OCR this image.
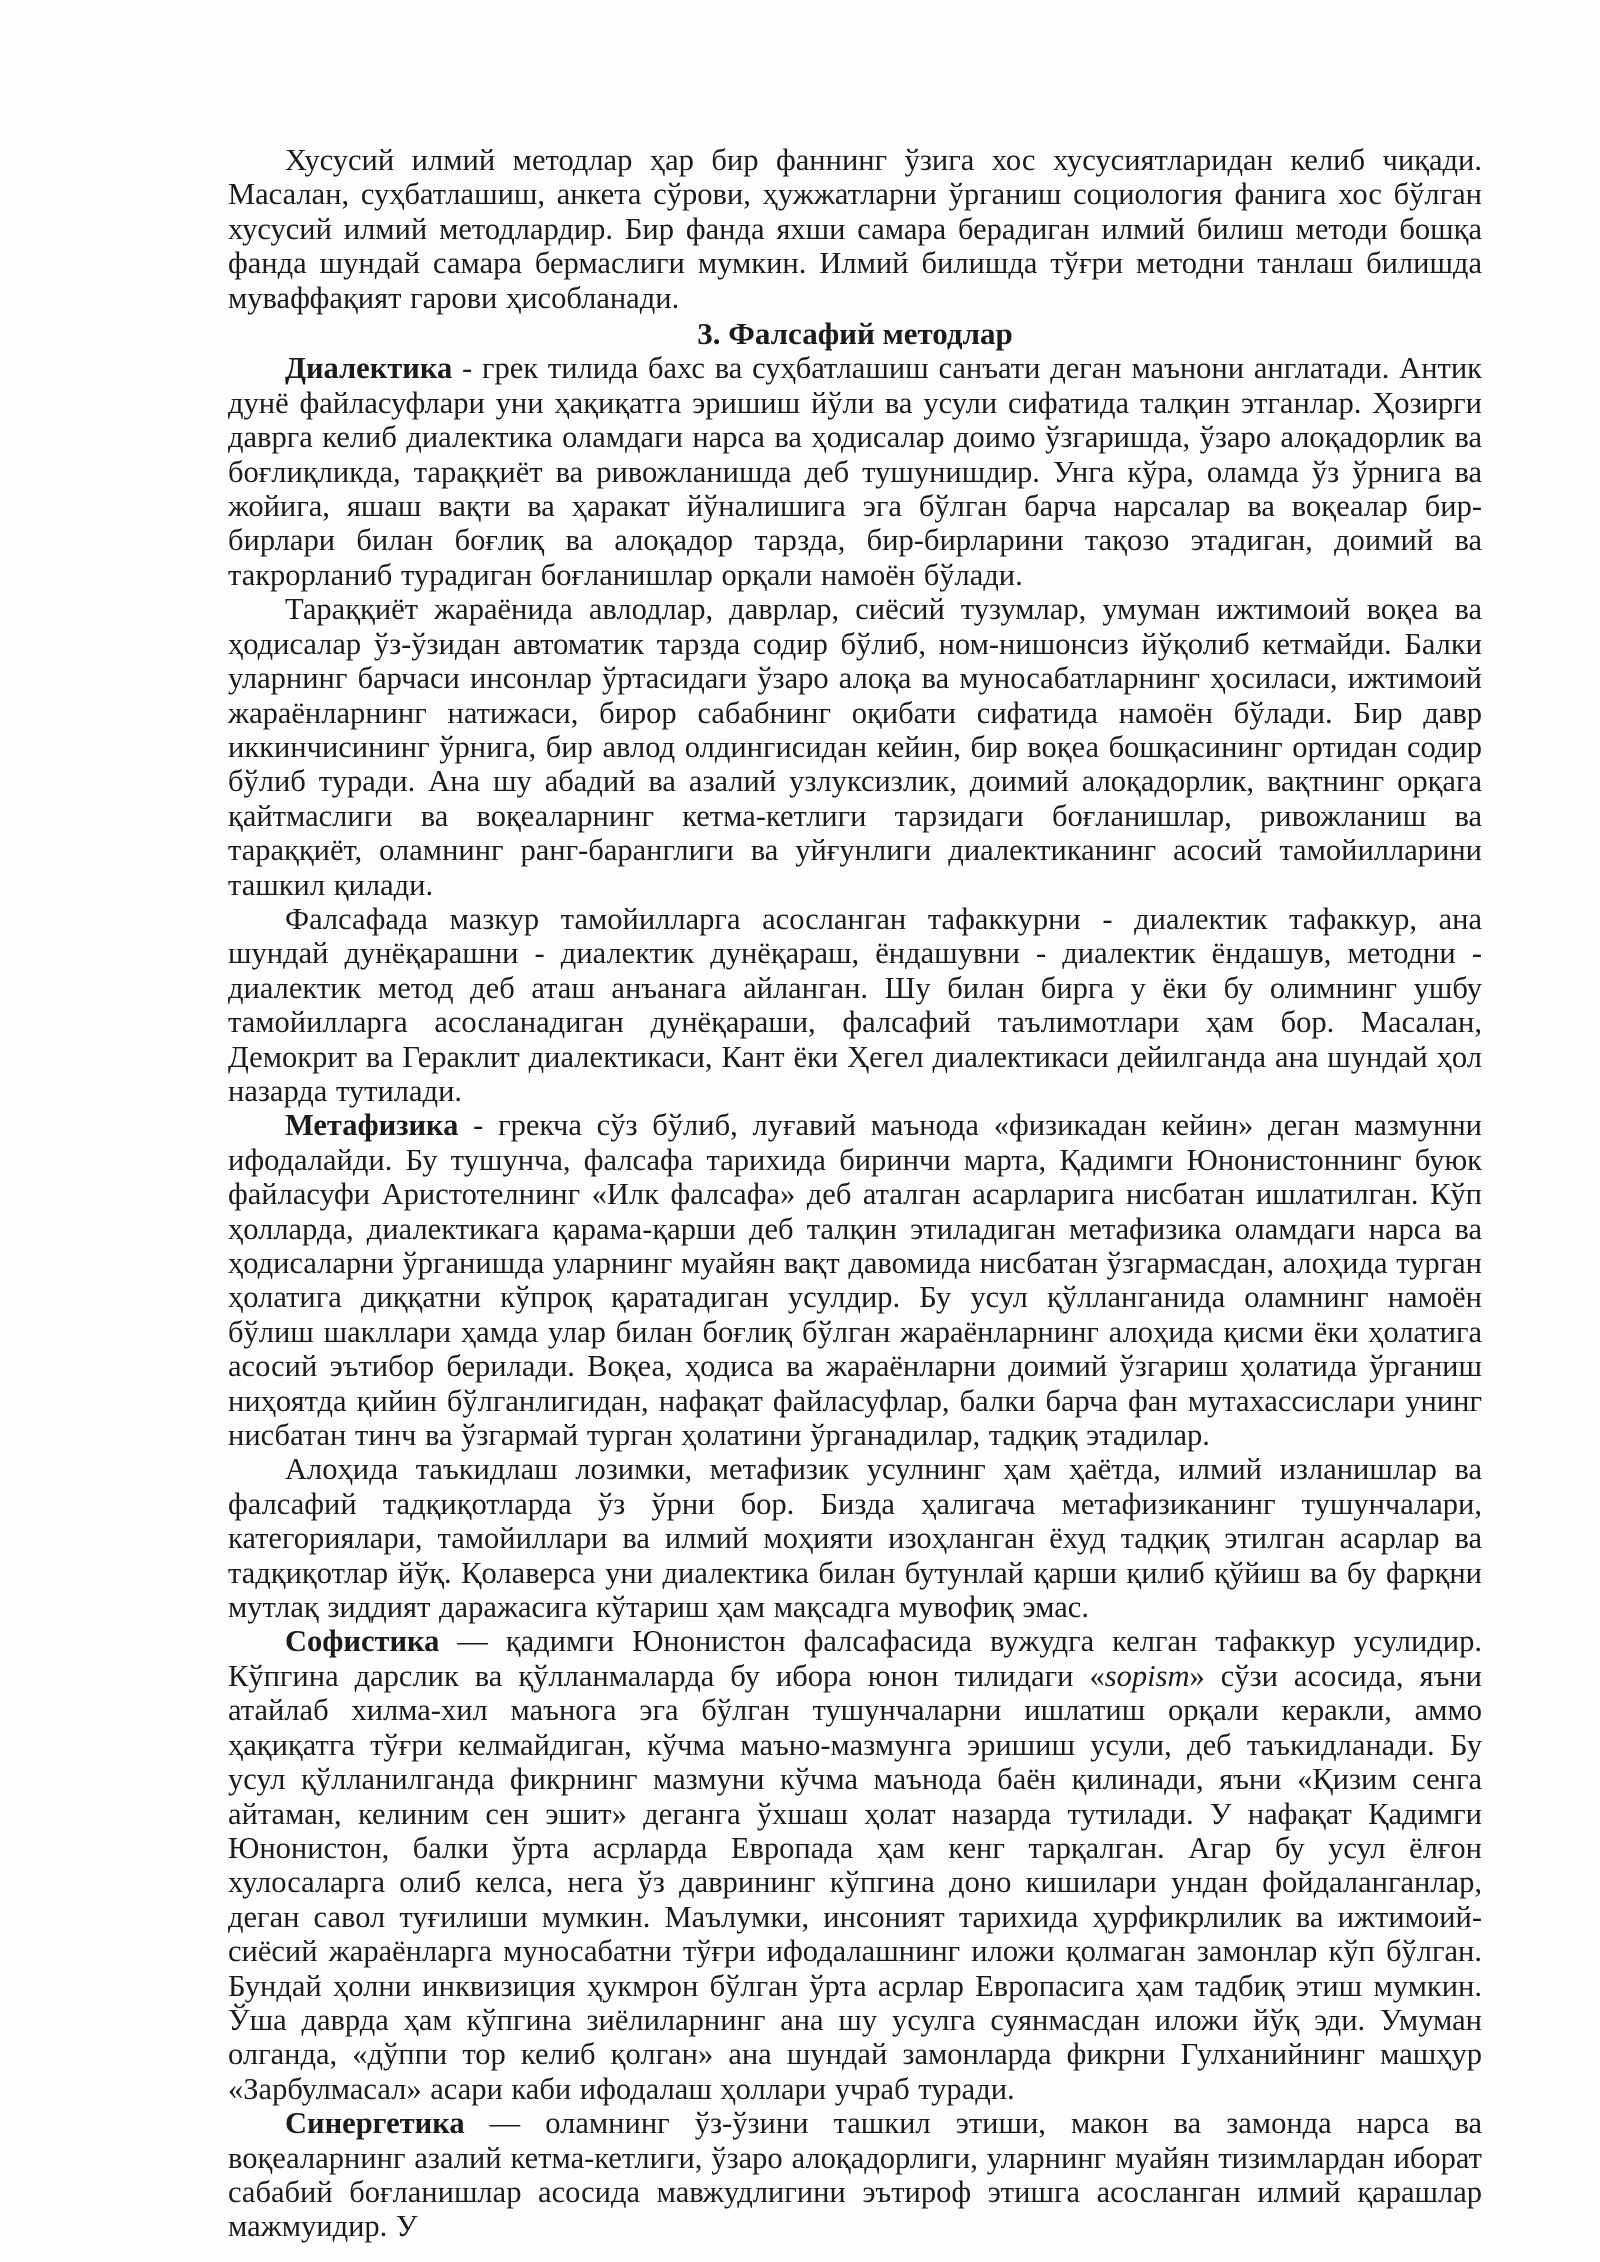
Хусусий илмий методлар ҳар бир фаннинг ўзига хос хусусиятларидан келиб чиқади. Масалан, суҳбатлашиш, анкета сўрови, ҳужжатларни ўрганиш социология фанига хос бўлган хусусий илмий методлардир. Бир фанда яхши самара берадиган илмий билиш методи бошқа фанда шундай самара бермаслиги мумкин. Илмий билишда тўғри методни танлаш билишда муваффақият гарови ҳисобланади.

3. Фалсафий методлар

Диалектика - грек тилида бахс ва суҳбатлашиш санъати деган маънони англатади. Антик дунё файласуфлари уни ҳақиқатга эришиш йўли ва усули сифатида талқин этганлар. Ҳозирги даврга келиб диалектика оламдаги нарса ва ҳодисалар доимо ўзгаришда, ўзаро алоқадорлик ва боғлиқликда, тараққиёт ва ривожланишда деб тушунишдир. Унга кўра, оламда ўз ўрнига ва жойига, яшаш вақти ва ҳаракат йўналишига эга бўлган барча нарсалар ва воқеалар бир-бирлари билан боғлиқ ва алоқадор тарзда, бир-бирларини тақозо этадиган, доимий ва такрорланиб турадиган боғланишлар орқали намоён бўлади.

Тараққиёт жараёнида авлодлар, даврлар, сиёсий тузумлар, умуман ижтимоий воқеа ва ҳодисалар ўз-ўзидан автоматик тарзда содир бўлиб, ном-нишонсиз йўқолиб кетмайди. Балки уларнинг барчаси инсонлар ўртасидаги ўзаро алоқа ва муносабатларнинг ҳосиласи, ижтимоий жараёнларнинг натижаси, бирор сабабнинг оқибати сифатида намоён бўлади. Бир давр иккинчисининг ўрнига, бир авлод олдингисидан кейин, бир воқеа бошқасининг ортидан содир бўлиб туради. Ана шу абадий ва азалий узлуксизлик, доимий алоқадорлик, вақтнинг орқага қайтмаслиги ва воқеаларнинг кетма-кетлиги тарзидаги боғланишлар, ривожланиш ва тараққиёт, оламнинг ранг-баранглиги ва уйғунлиги диалектиканинг асосий тамойилларини ташкил қилади.

Фалсафада мазкур тамойилларга асосланган тафаккурни - диалектик тафаккур, ана шундай дунёқарашни - диалектик дунёқараш, ёндашувни - диалектик ёндашув, методни - диалектик метод деб аташ анъанага айланган. Шу билан бирга у ёки бу олимнинг ушбу тамойилларга асосланадиган дунёқараши, фалсафий таълимотлари ҳам бор. Масалан, Демокрит ва Гераклит диалектикаси, Кант ёки Ҳегел диалектикаси дейилганда ана шундай ҳол назарда тутилади.

Метафизика - грекча сўз бўлиб, луғавий маънода «физикадан кейин» деган мазмунни ифодалайди. Бу тушунча, фалсафа тарихида биринчи марта, Қадимги Юнонистоннинг буюк файласуфи Аристотелнинг «Илк фалсафа» деб аталган асарларига нисбатан ишлатилган. Кўп ҳолларда, диалектикага қарама-қарши деб талқин этиладиган метафизика оламдаги нарса ва ҳодисаларни ўрганишда уларнинг муайян вақт давомида нисбатан ўзгармасдан, алоҳида турган ҳолатига диққатни кўпроқ қаратадиган усулдир. Бу усул қўлланганида оламнинг намоён бўлиш шакллари ҳамда улар билан боғлиқ бўлган жараёнларнинг алоҳида қисми ёки ҳолатига асосий эътибор берилади. Воқеа, ҳодиса ва жараёнларни доимий ўзгариш ҳолатида ўрганиш ниҳоятда қийин бўлганлигидан, нафақат файласуфлар, балки барча фан мутахассислари унинг нисбатан тинч ва ўзгармай турган ҳолатини ўрганадилар, тадқиқ этадилар.

Алоҳида таъкидлаш лозимки, метафизик усулнинг ҳам ҳаётда, илмий изланишлар ва фалсафий тадқиқотларда ўз ўрни бор. Бизда ҳалигача метафизиканинг тушунчалари, категориялари, тамойиллари ва илмий моҳияти изоҳланган ёхуд тадқиқ этилган асарлар ва тадқиқотлар йўқ. Қолаверса уни диалектика билан бутунлай қарши қилиб қўйиш ва бу фарқни мутлақ зиддият даражасига кўтариш ҳам мақсадга мувофиқ эмас.

Софистика — қадимги Юнонистон фалсафасида вужудга келган тафаккур усулидир. Кўпгина дарслик ва қўлланмаларда бу ибора юнон тилидаги «sopism» сўзи асосида, яъни атайлаб хилма-хил маънога эга бўлган тушунчаларни ишлатиш орқали керакли, аммо ҳақиқатга тўғри келмайдиган, кўчма маъно-мазмунга эришиш усули, деб таъкидланади. Бу усул қўлланилганда фикрнинг мазмуни кўчма маънода баён қилинади, яъни «Қизим сенга айтаман, келиним сен эшит» деганга ўхшаш ҳолат назарда тутилади. У нафақат Қадимги Юнонистон, балки ўрта асрларда Европада ҳам кенг тарқалган. Агар бу усул ёлғон хулосаларга олиб келса, нега ўз даврининг кўпгина доно кишилари ундан фойдаланганлар, деган савол туғилиши мумкин. Маълумки, инсоният тарихида ҳурфикрлилик ва ижтимоий-сиёсий жараёнларга муносабатни тўғри ифодалашнинг иложи қолмаган замонлар кўп бўлган. Бундай ҳолни инквизиция ҳукмрон бўлган ўрта асрлар Европасига ҳам тадбиқ этиш мумкин. Ўша даврда ҳам кўпгина зиёлиларнинг ана шу усулга суянмасдан иложи йўқ эди. Умуман олганда, «дўппи тор келиб қолган» ана шундай замонларда фикрни Гулханийнинг машҳур «Зарбулмасал» асари каби ифодалаш ҳоллари учраб туради.

Синергетика — оламнинг ўз-ўзини ташкил этиши, макон ва замонда нарса ва воқеаларнинг азалий кетма-кетлиги, ўзаро алоқадорлиги, уларнинг муайян тизимлардан иборат сабабий боғланишлар асосида мавжудлигини эътироф этишга асосланган илмий қарашлар мажмуидир. У
